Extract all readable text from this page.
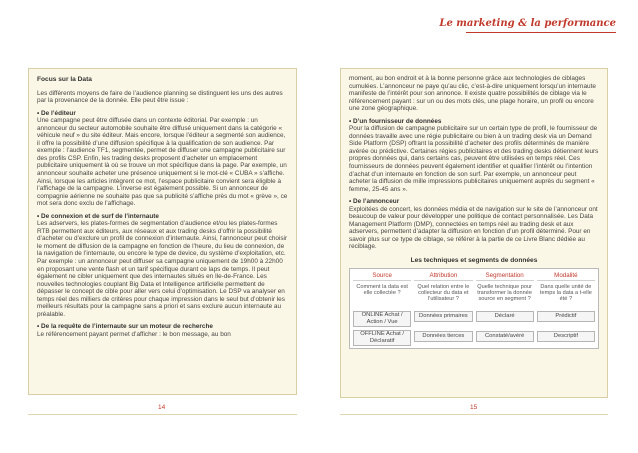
Le marketing & la performance
Focus sur la Data
Les différents moyens de faire de l’audience planning se distinguent les uns des autres par la provenance de la donnée. Elle peut être issue :
• De l’éditeur
Une campagne peut être diffusée dans un contexte éditorial. Par exemple : un annonceur du secteur automobile souhaite être diffusé uniquement dans la catégorie « véhicule neuf » du site éditeur. Mais encore, lorsque l’éditeur a segmenté son audience, il offre la possibilité d’une diffusion spécifique à la qualification de son audience. Par exemple : l’audience TF1, segmentée, permet de diffuser une campagne publicitaire sur des profils CSP. Enfin, les trading desks proposent d’acheter un emplacement publicitaire uniquement là où se trouve un mot spécifique dans la page. Par exemple, un annonceur souhaite acheter une présence uniquement si le mot-clé « CUBA » s’affiche. Ainsi, lorsque les articles intègrent ce mot, l’espace publicitaire convient sera éligible à l’affichage de la campagne. L’inverse est également possible. Si un annonceur de compagnie aérienne ne souhaite pas que sa publicité s’affiche près du mot « grève », ce mot sera donc exclu de l’affichage.
• De connexion et de surf de l’internaute
Les adservers, les plates-formes de segmentation d’audience et/ou les plates-formes RTB permettent aux éditeurs, aux réseaux et aux trading desks d’offrir la possibilité d’acheter ou d’exclure un profil de connexion d’internaute. Ainsi, l’annonceur peut choisir le moment de diffusion de la campagne en fonction de l’heure, du lieu de connexion, de la navigation de l’internaute, ou encore le type de device, du système d’exploitation, etc. Par exemple : un annonceur peut diffuser sa campagne uniquement de 19h00 à 22h00 en proposant une vente flash et un tarif spécifique durant ce laps de temps. Il peut également ne cibler uniquement que des internautes situés en Ile-de-France. Les nouvelles technologies couplant Big Data et Intelligence artificielle permettent de dépasser le concept de cible pour aller vers celui d’optimisation. Le DSP va analyser en temps réel des milliers de critères pour chaque impression dans le seul but d’obtenir les meilleurs résultats pour la campagne sans a priori et sans exclure aucun internaute au préalable.
• De la requête de l’internaute sur un moteur de recherche
Le référencement payant permet d’afficher : le bon message, au bon
moment, au bon endroit et à la bonne personne grâce aux technologies de ciblages cumulées. L’annonceur ne paye qu’au clic, c’est-à-dire uniquement lorsqu’un internaute manifeste de l’intérêt pour son annonce. Il existe quatre possibilités de ciblage via le référencement payant : sur un ou des mots clés, une plage horaire, un profil ou encore une zone géographique.
• D’un fournisseur de données
Pour la diffusion de campagne publicitaire sur un certain type de profil, le fournisseur de données travaille avec une régie publicitaire ou bien à un trading desk via un Demand Side Platform (DSP) offrant la possibilité d’acheter des profils déterminés de manière avérée ou prédictive. Certaines régies publicitaires et des trading desks détiennent leurs propres données qui, dans certains cas, peuvent être utilisées en temps réel. Ces fournisseurs de données peuvent également identifier et qualifier l’intérêt ou l’intention d’achat d’un internaute en fonction de son surf. Par exemple, un annonceur peut acheter la diffusion de mille impressions publicitaires uniquement auprès du segment « femme, 25-45 ans ».
• De l’annonceur
Exploitées de concert, les données média et de navigation sur le site de l’annonceur ont beaucoup de valeur pour développer une politique de contact personnalisée. Les Data Management Platform (DMP), connectées en temps réel au trading desk et aux adservers, permettent d’adapter la diffusion en fonction d’un profil déterminé. Pour en savoir plus sur ce type de ciblage, se référer à la partie de ce Livre Blanc dédiée au reciblage.
Les techniques et segments de données
Source
Comment la data est elle collectée ?
ONLINE Achat / Action / Vue
OFFLINE Achat / Déclaratif
Attribution
Quel relation entre le collecteur du data et l’utilisateur ?
Données primaires
Données tierces
Segmentation
Quelle technique pour transformer la donnée source en segment ?
Déclaré
Constaté/avéré
Modalité
Dans quelle unité de temps la data a t-elle été ?
Prédictif
Descriptif
14	15
